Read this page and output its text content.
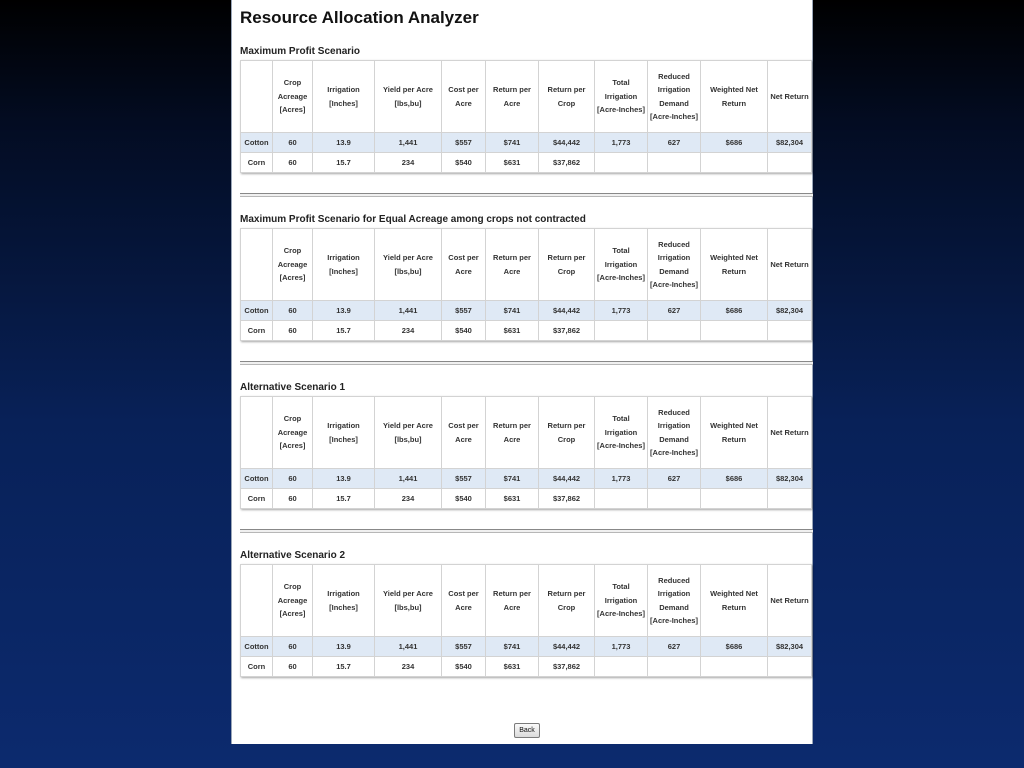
Resource Allocation Analyzer
Maximum Profit Scenario
	Crop Acreage [Acres]	Irrigation [Inches]	Yield per Acre [lbs,bu]	Cost per Acre	Return per Acre	Return per Crop	Total Irrigation [Acre-Inches]	Reduced Irrigation Demand [Acre-Inches]	Weighted Net Return	Net Return
Cotton	60	13.9	1,441	$557	$741	$44,442	1,773	627	$686	$82,304
Corn	60	15.7	234	$540	$631	$37,862				
Maximum Profit Scenario for Equal Acreage among crops not contracted
	Crop Acreage [Acres]	Irrigation [Inches]	Yield per Acre [lbs,bu]	Cost per Acre	Return per Acre	Return per Crop	Total Irrigation [Acre-Inches]	Reduced Irrigation Demand [Acre-Inches]	Weighted Net Return	Net Return
Cotton	60	13.9	1,441	$557	$741	$44,442	1,773	627	$686	$82,304
Corn	60	15.7	234	$540	$631	$37,862				
Alternative Scenario 1
	Crop Acreage [Acres]	Irrigation [Inches]	Yield per Acre [lbs,bu]	Cost per Acre	Return per Acre	Return per Crop	Total Irrigation [Acre-Inches]	Reduced Irrigation Demand [Acre-Inches]	Weighted Net Return	Net Return
Cotton	60	13.9	1,441	$557	$741	$44,442	1,773	627	$686	$82,304
Corn	60	15.7	234	$540	$631	$37,862				
Alternative Scenario 2
	Crop Acreage [Acres]	Irrigation [Inches]	Yield per Acre [lbs,bu]	Cost per Acre	Return per Acre	Return per Crop	Total Irrigation [Acre-Inches]	Reduced Irrigation Demand [Acre-Inches]	Weighted Net Return	Net Return
Cotton	60	13.9	1,441	$557	$741	$44,442	1,773	627	$686	$82,304
Corn	60	15.7	234	$540	$631	$37,862				
Back
